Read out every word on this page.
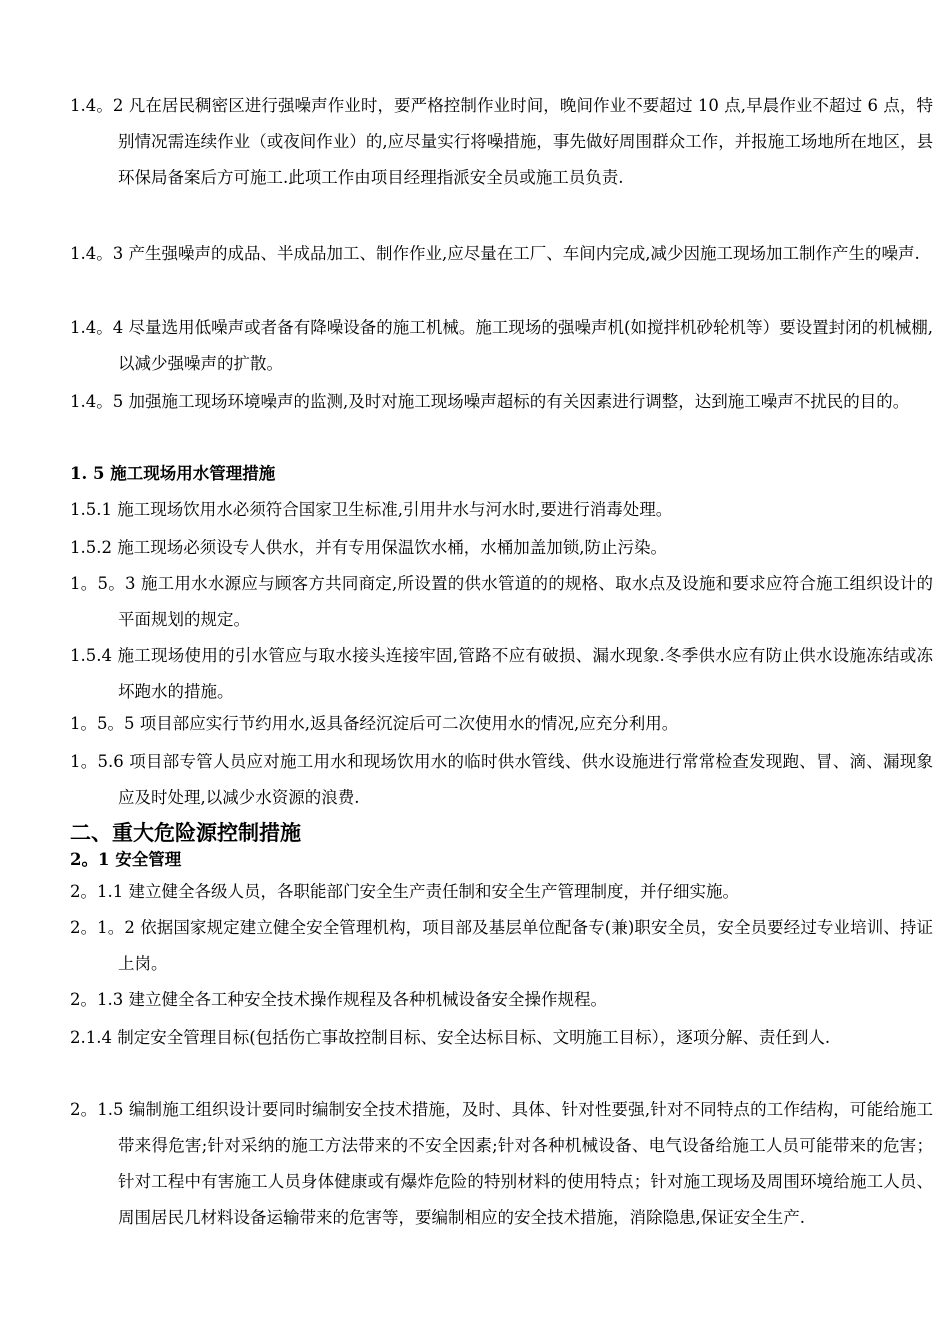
1.4。2 凡在居民稠密区进行强噪声作业时，要严格控制作业时间，晚间作业不要超过 10 点,早晨作业不超过 6 点，特别情况需连续作业（或夜间作业）的,应尽量实行将噪措施，事先做好周围群众工作，并报施工场地所在地区，县环保局备案后方可施工.此项工作由项目经理指派安全员或施工员负责.
1.4。3 产生强噪声的成品、半成品加工、制作作业,应尽量在工厂、车间内完成,减少因施工现场加工制作产生的噪声.
1.4。4 尽量选用低噪声或者备有降噪设备的施工机械。施工现场的强噪声机(如搅拌机砂轮机等）要设置封闭的机械棚,以减少强噪声的扩散。
1.4。5 加强施工现场环境噪声的监测,及时对施工现场噪声超标的有关因素进行调整，达到施工噪声不扰民的目的。
1. 5 施工现场用水管理措施
1.5.1 施工现场饮用水必须符合国家卫生标准,引用井水与河水时,要进行消毒处理。
1.5.2 施工现场必须设专人供水，并有专用保温饮水桶，水桶加盖加锁,防止污染。
1。5。3 施工用水水源应与顾客方共同商定,所设置的供水管道的的规格、取水点及设施和要求应符合施工组织设计的平面规划的规定。
1.5.4 施工现场使用的引水管应与取水接头连接牢固,管路不应有破损、漏水现象.冬季供水应有防止供水设施冻结或冻坏跑水的措施。
1。5。5 项目部应实行节约用水,返具备经沉淀后可二次使用水的情况,应充分利用。
1。5.6 项目部专管人员应对施工用水和现场饮用水的临时供水管线、供水设施进行常常检查发现跑、冒、滴、漏现象应及时处理,以减少水资源的浪费.
二、重大危险源控制措施
2。1 安全管理
2。1.1 建立健全各级人员，各职能部门安全生产责任制和安全生产管理制度，并仔细实施。
2。1。2 依据国家规定建立健全安全管理机构，项目部及基层单位配备专(兼)职安全员，安全员要经过专业培训、持证上岗。
2。1.3 建立健全各工种安全技术操作规程及各种机械设备安全操作规程。
2.1.4 制定安全管理目标(包括伤亡事故控制目标、安全达标目标、文明施工目标），逐项分解、责任到人.
2。1.5 编制施工组织设计要同时编制安全技术措施，及时、具体、针对性要强,针对不同特点的工作结构，可能给施工带来得危害;针对采纳的施工方法带来的不安全因素;针对各种机械设备、电气设备给施工人员可能带来的危害；针对工程中有害施工人员身体健康或有爆炸危险的特别材料的使用特点；针对施工现场及周围环境给施工人员、周围居民几材料设备运输带来的危害等，要编制相应的安全技术措施，消除隐患,保证安全生产.
